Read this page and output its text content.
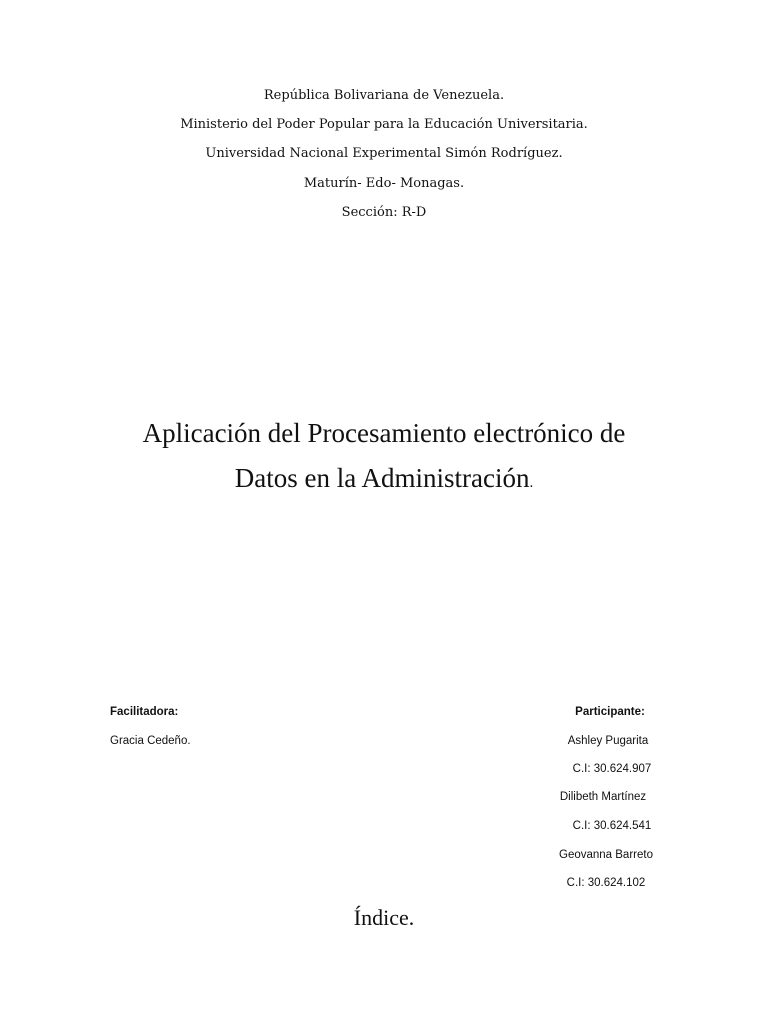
República Bolivariana de Venezuela.
Ministerio del Poder Popular para la Educación Universitaria.
Universidad Nacional Experimental Simón Rodríguez.
Maturín- Edo- Monagas.
Sección: R-D
Aplicación del Procesamiento electrónico de
Datos en la Administración.
Facilitadora:
Gracia Cedeño.
Participante:
Ashley Pugarita
C.I: 30.624.907
Dilibeth Martínez
C.I: 30.624.541
Geovanna Barreto
C.I: 30.624.102
Índice.
